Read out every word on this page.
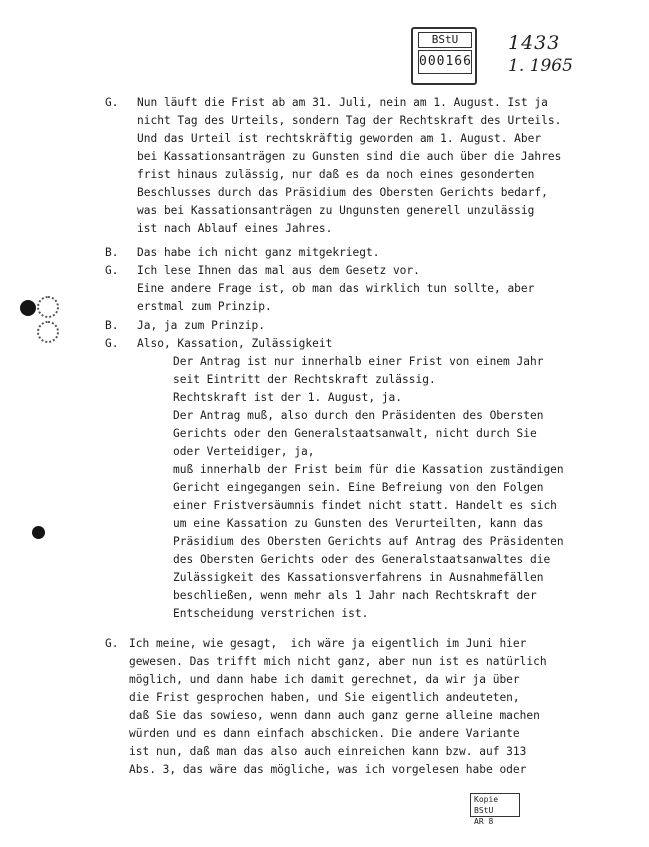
BStU
000166
1433
1. 1965
G.
B.
G.
B.
G.
G.
Nun läuft die Frist ab am 31. Juli, nein am 1. August. Ist ja
nicht Tag des Urteils, sondern Tag der Rechtskraft des Urteils.
Und das Urteil ist rechtskräftig geworden am 1. August. Aber
bei Kassationsanträgen zu Gunsten sind die auch über die Jahres
frist hinaus zulässig, nur daß es da noch eines gesonderten
Beschlusses durch das Präsidium des Obersten Gerichts bedarf,
was bei Kassationsanträgen zu Ungunsten generell unzulässig
ist nach Ablauf eines Jahres.
Das habe ich nicht ganz mitgekriegt.
Ich lese Ihnen das mal aus dem Gesetz vor.
Eine andere Frage ist, ob man das wirklich tun sollte, aber
erstmal zum Prinzip.
Ja, ja zum Prinzip.
Also, Kassation, Zulässigkeit
Der Antrag ist nur innerhalb einer Frist von einem Jahr
seit Eintritt der Rechtskraft zulässig.
Rechtskraft ist der 1. August, ja.
Der Antrag muß, also durch den Präsidenten des Obersten
Gerichts oder den Generalstaatsanwalt, nicht durch Sie
oder Verteidiger, ja,
muß innerhalb der Frist beim für die Kassation zuständigen
Gericht eingegangen sein. Eine Befreiung von den Folgen
einer Fristversäumnis findet nicht statt. Handelt es sich
um eine Kassation zu Gunsten des Verurteilten, kann das
Präsidium des Obersten Gerichts auf Antrag des Präsidenten
des Obersten Gerichts oder des Generalstaatsanwaltes die
Zulässigkeit des Kassationsverfahrens in Ausnahmefällen
beschließen, wenn mehr als 1 Jahr nach Rechtskraft der
Entscheidung verstrichen ist.
Ich meine, wie gesagt,  ich wäre ja eigentlich im Juni hier
gewesen. Das trifft mich nicht ganz, aber nun ist es natürlich
möglich, und dann habe ich damit gerechnet, da wir ja über
die Frist gesprochen haben, und Sie eigentlich andeuteten,
daß Sie das sowieso, wenn dann auch ganz gerne alleine machen
würden und es dann einfach abschicken. Die andere Variante
ist nun, daß man das also auch einreichen kann bzw. auf 313
Abs. 3, das wäre das mögliche, was ich vorgelesen habe oder
Kopie BStU
AR 8
